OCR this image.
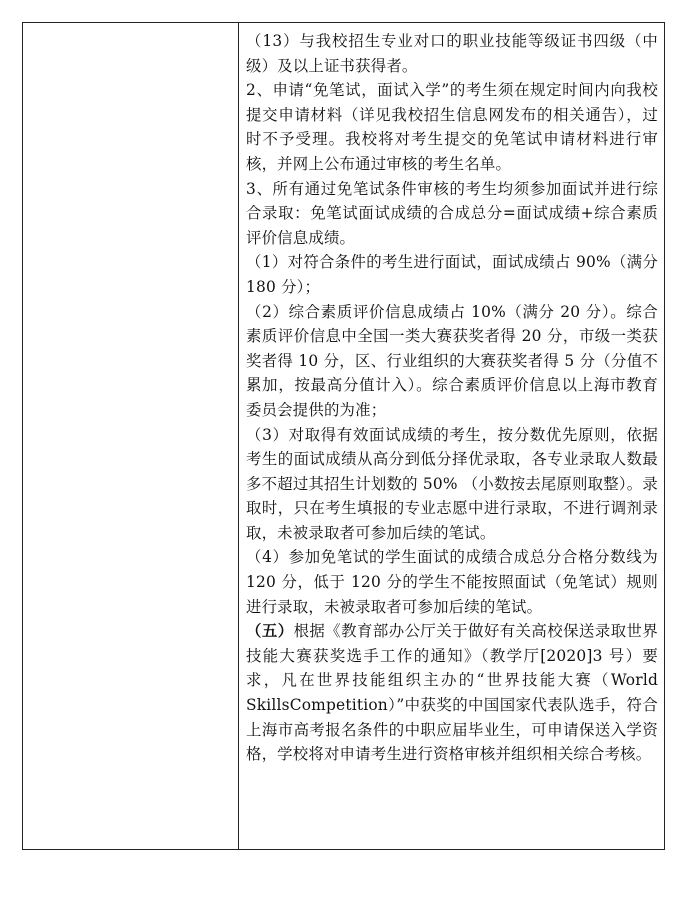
（13）与我校招生专业对口的职业技能等级证书四级（中级）及以上证书获得者。

2、申请“免笔试，面试入学”的考生须在规定时间内向我校提交申请材料（详见我校招生信息网发布的相关通告），过时不予受理。我校将对考生提交的免笔试申请材料进行审核，并网上公布通过审核的考生名单。

3、所有通过免笔试条件审核的考生均须参加面试并进行综合录取：免笔试面试成绩的合成总分=面试成绩+综合素质评价信息成绩。

（1）对符合条件的考生进行面试，面试成绩占 90%（满分 180 分）；

（2）综合素质评价信息成绩占 10%（满分 20 分）。综合素质评价信息中全国一类大赛获奖者得 20 分，市级一类获奖者得 10 分，区、行业组织的大赛获奖者得 5 分（分值不累加，按最高分值计入）。综合素质评价信息以上海市教育委员会提供的为准；

（3）对取得有效面试成绩的考生，按分数优先原则，依据考生的面试成绩从高分到低分择优录取，各专业录取人数最多不超过其招生计划数的 50% （小数按去尾原则取整）。录取时，只在考生填报的专业志愿中进行录取，不进行调剂录取，未被录取者可参加后续的笔试。

（4）参加免笔试的学生面试的成绩合成总分合格分数线为 120 分，低于 120 分的学生不能按照面试（免笔试）规则进行录取，未被录取者可参加后续的笔试。

（五）根据《教育部办公厅关于做好有关高校保送录取世界技能大赛获奖选手工作的通知》（教学厅[2020]3 号）要求，凡在世界技能组织主办的“世界技能大赛（World SkillsCompetition）”中获奖的中国国家代表队选手，符合上海市高考报名条件的中职应届毕业生，可申请保送入学资格，学校将对申请考生进行资格审核并组织相关综合考核。
